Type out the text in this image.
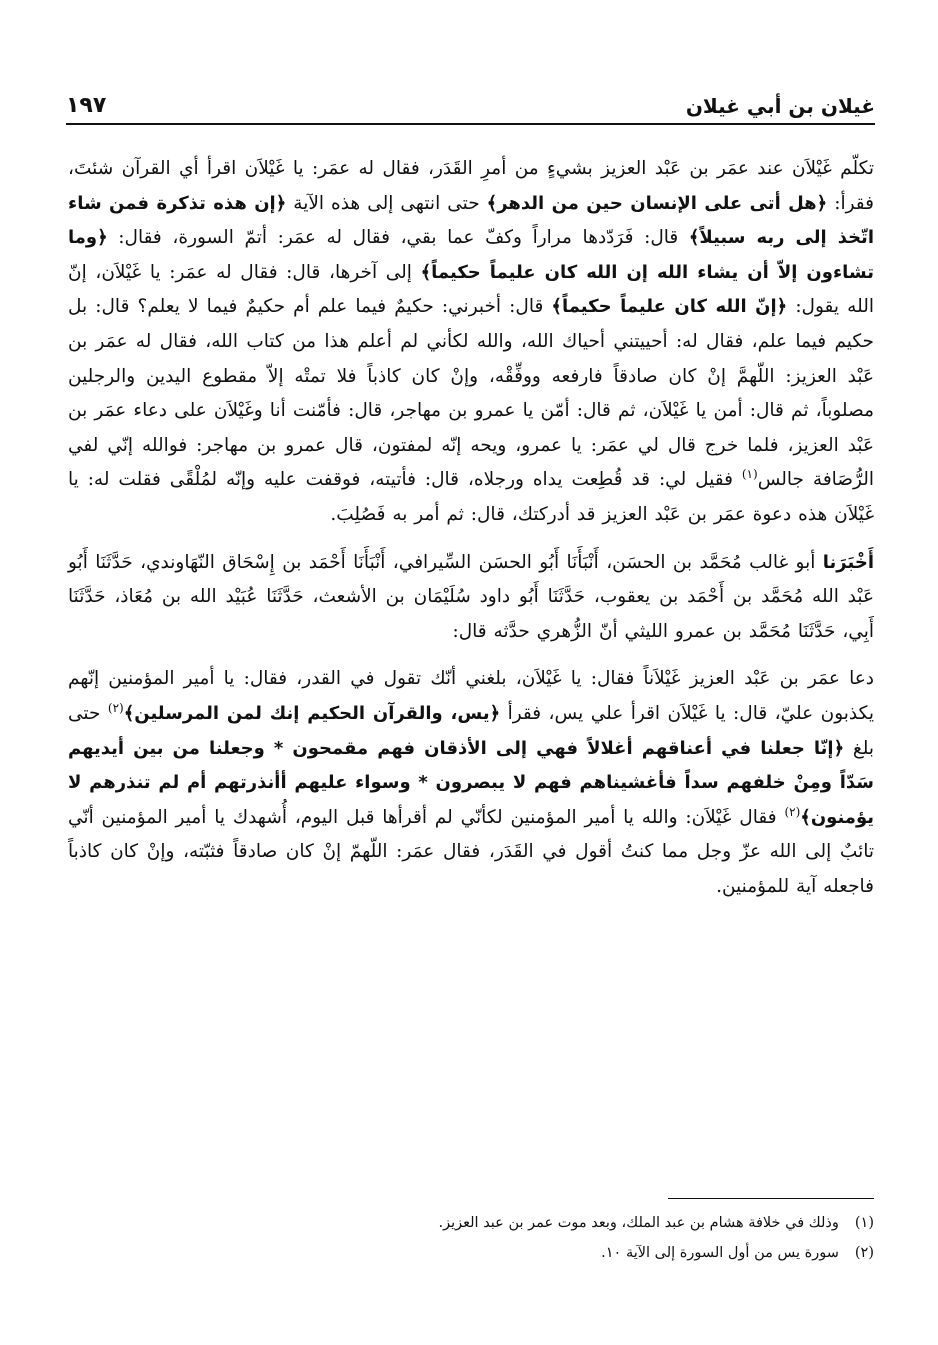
غيلان بن أبي غيلان
١٩٧

تكلّم غَيْلاَن عند عمَر بن عَبْد العزيز بشيءٍ من أمرِ القَدَر، فقال له عمَر: يا غَيْلاَن اقرأ أي القرآن شئتَ، فقرأ: ﴿هل أتى على الإنسان حين من الدهر﴾ حتى انتهى إلى هذه الآية ﴿إن هذه تذكرة فمن شاء اتّخذ إلى ربه سبيلاً﴾ قال: فَرَدّدها مراراً وكفّ عما بقي، فقال له عمَر: أتمّ السورة، فقال: ﴿وما تشاءون إلاّ أن يشاء الله إن الله كان عليماً حكيماً﴾ إلى آخرها، قال: فقال له عمَر: يا غَيْلاَن، إنّ الله يقول: ﴿إنّ الله كان عليماً حكيماً﴾ قال: أخبرني: حكيمٌ فيما علم أم حكيمٌ فيما لا يعلم؟ قال: بل حكيم فيما علم، فقال له: أحييتني أحياك الله، والله لكأني لم أعلم هذا من كتاب الله، فقال له عمَر بن عَبْد العزيز: اللّهمَّ إنْ كان صادقاً فارفعه ووفِّقْه، وإنْ كان كاذباً فلا تمتْه إلاّ مقطوع اليدين والرجلين مصلوباً، ثم قال: أمن يا غَيْلاَن، ثم قال: أمّن يا عمرو بن مهاجر، قال: فأمّنت أنا وغَيْلاَن على دعاء عمَر بن عَبْد العزيز، فلما خرج قال لي عمَر: يا عمرو، ويحه إنّه لمفتون، قال عمرو بن مهاجر: فوالله إنّي لفي الرُّصَافة جالس$^{(١)}$ فقيل لي: قد قُطِعت يداه ورجلاه، قال: فأتيته، فوقفت عليه وإنّه لمُلْقًى فقلت له: يا غَيْلاَن هذه دعوة عمَر بن عَبْد العزيز قد أدركتك، قال: ثم أمر به فَصُلِبَ.

أَخْبَرَنا أبو غالب مُحَمَّد بن الحسَن، أَنْبَأَنَا أَبُو الحسَن السِّيرافي، أَنْبَأَنَا أَحْمَد بن إِسْحَاق النّهَاوندي، حَدَّثَنَا أَبُو عَبْد الله مُحَمَّد بن أَحْمَد بن يعقوب، حَدَّثَنَا أَبُو داود سُلَيْمَان بن الأشعث، حَدَّثَنَا عُبَيْد الله بن مُعَاذ، حَدَّثَنَا أَبِي، حَدَّثَنَا مُحَمَّد بن عمرو الليثي أنّ الزُّهري حدَّثه قال:

دعا عمَر بن عَبْد العزيز غَيْلاَناً فقال: يا غَيْلاَن، بلغني أنّك تقول في القدر، فقال: يا أمير المؤمنين إنّهم يكذبون عليّ، قال: يا غَيْلاَن اقرأ علي يس، فقرأ ﴿يس، والقرآن الحكيم إنك لمن المرسلين﴾$^{(٢)}$ حتى بلغ ﴿إنّا جعلنا في أعناقهم أغلالاً فهي إلى الأذقان فهم مقمحون * وجعلنا من بين أيديهم سَدّاً ومِنْ خلفهم سداً فأغشيناهم فهم لا يبصرون * وسواء عليهم أأنذرتهم أم لم تنذرهم لا يؤمنون﴾$^{(٢)}$ فقال غَيْلاَن: والله يا أمير المؤمنين لكأنّي لم أقرأها قبل اليوم، أُشهدك يا أمير المؤمنين أنّي تائبٌ إلى الله عزّ وجل مما كنتُ أقول في القَدَر، فقال عمَر: اللّهمّ إنْ كان صادقاً فثبّته، وإنْ كان كاذباً فاجعله آية للمؤمنين.

(١)
وذلك في خلافة هشام بن عبد الملك، وبعد موت عمر بن عبد العزيز.
(٢)
سورة يس من أول السورة إلى الآية ١٠.
